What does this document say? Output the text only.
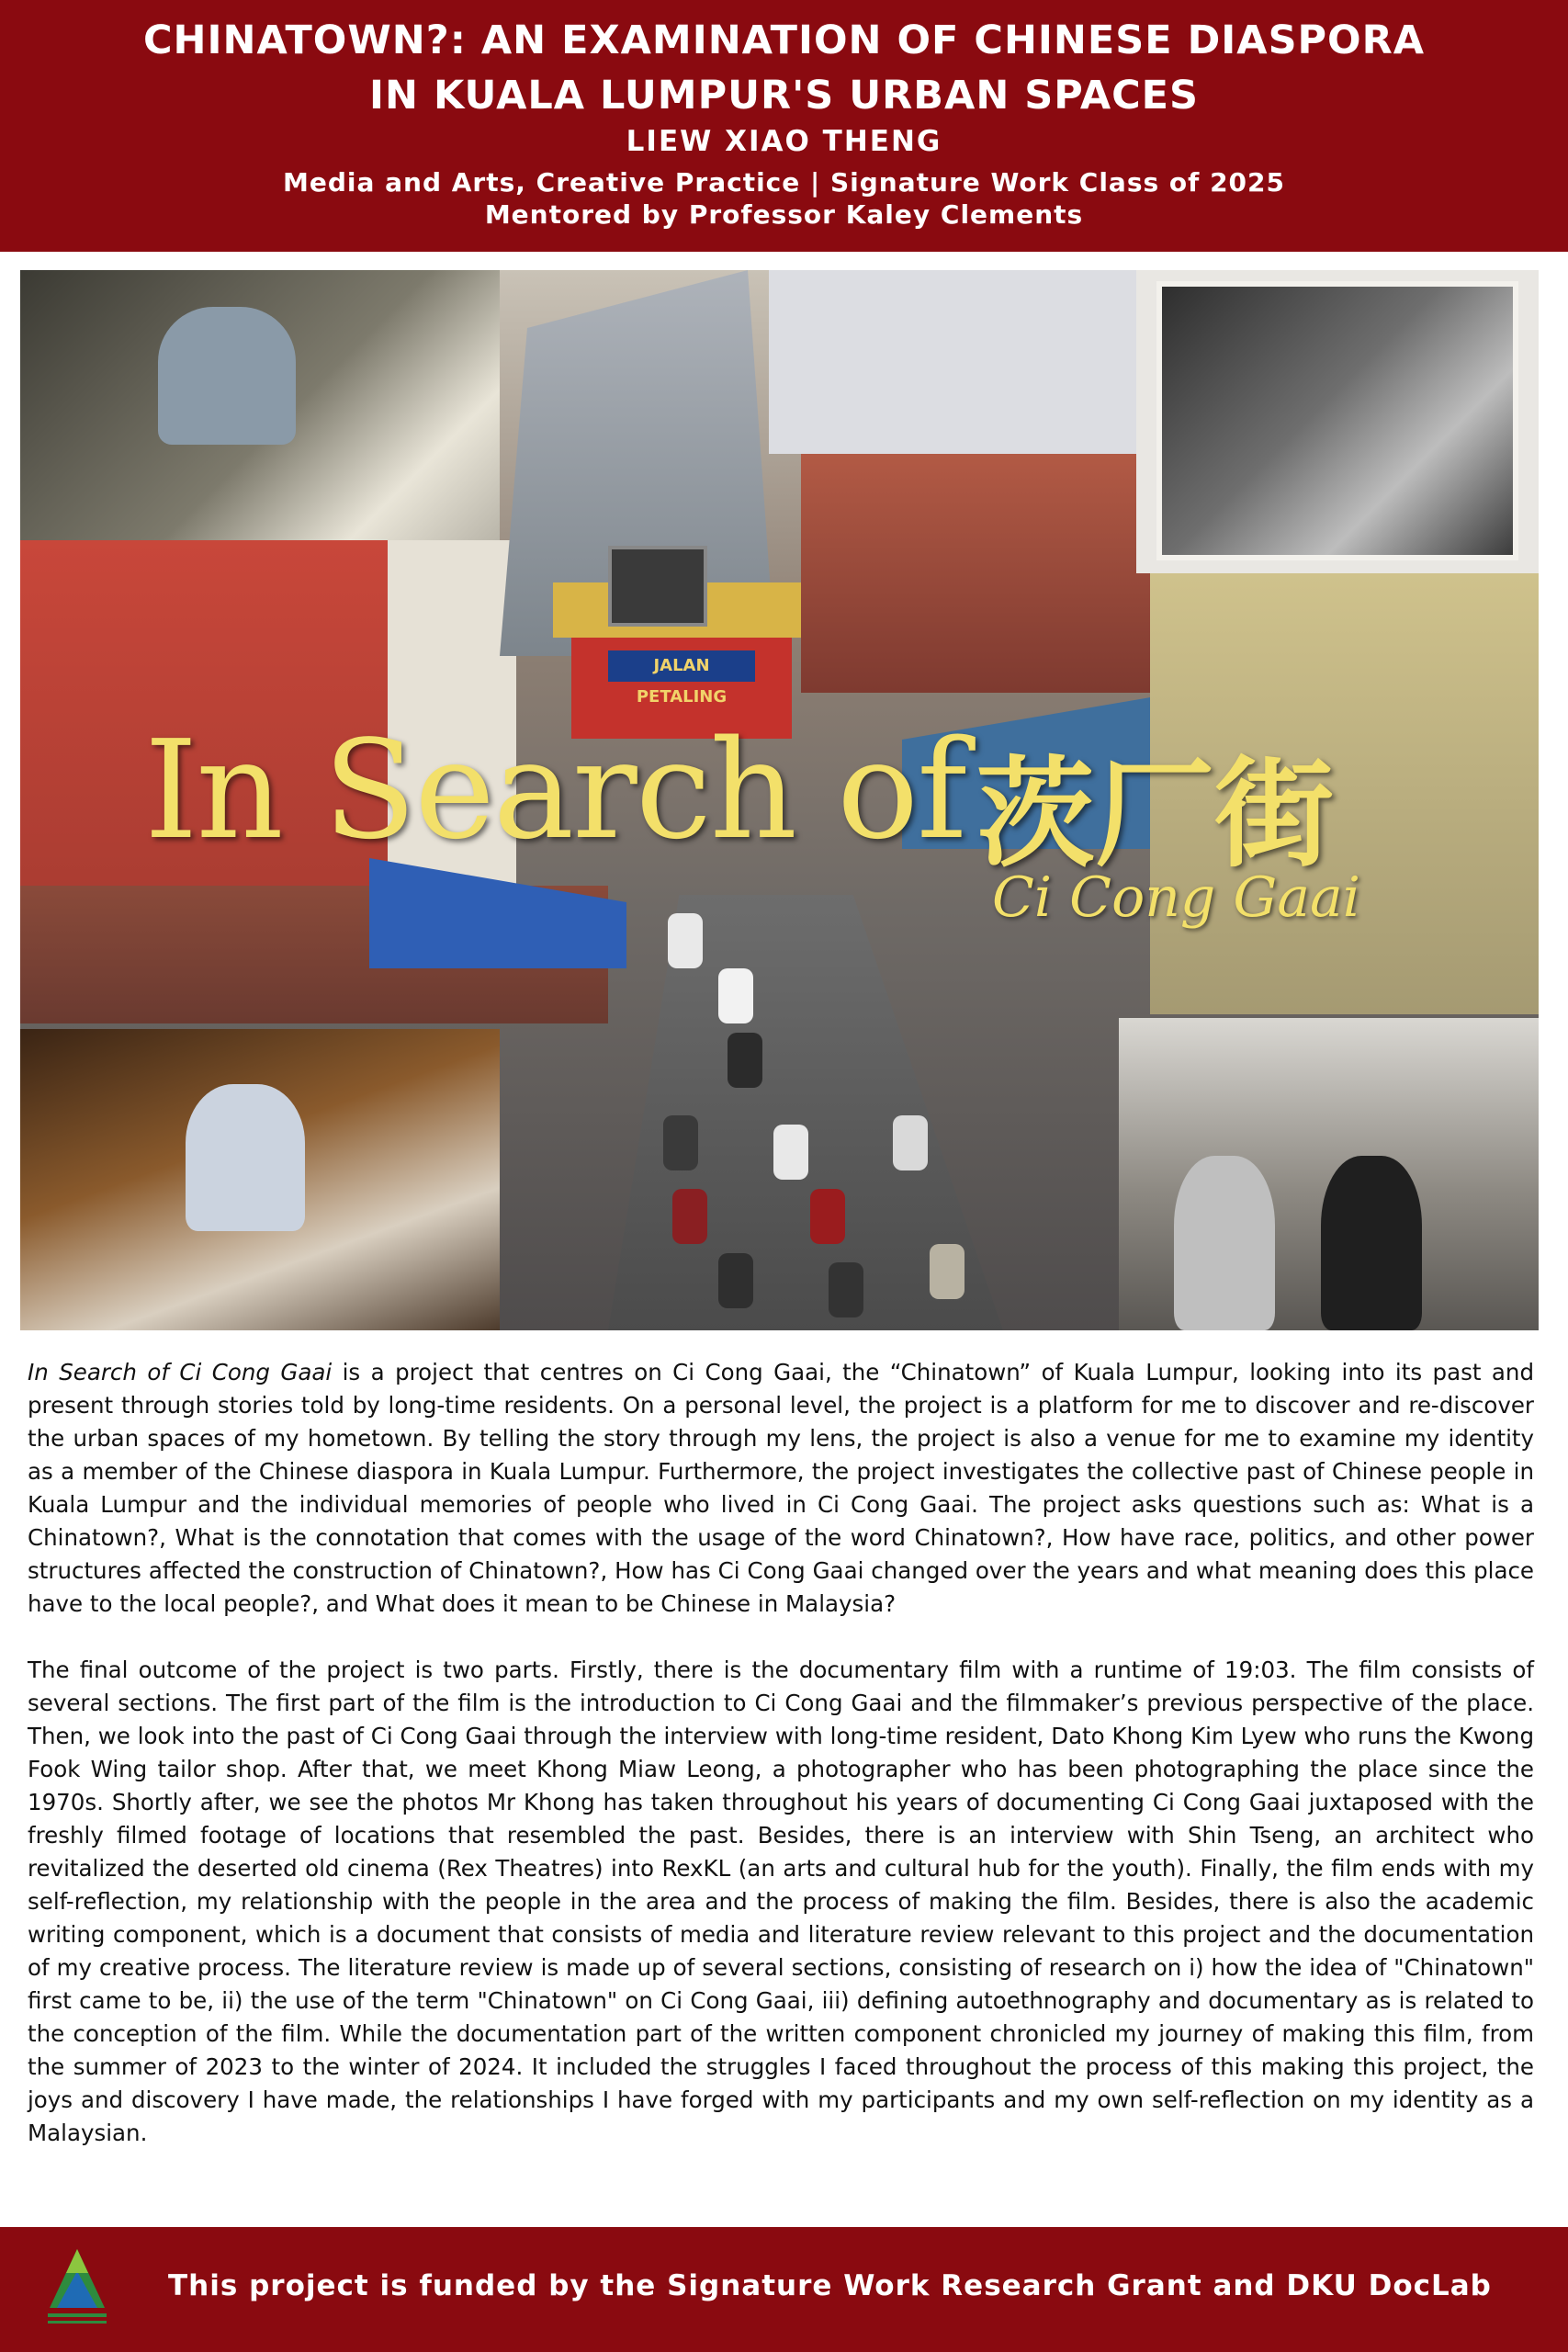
CHINATOWN?: AN EXAMINATION OF CHINESE DIASPORA
IN KUALA LUMPUR'S URBAN SPACES
LIEW XIAO THENG
Media and Arts, Creative Practice | Signature Work Class of 2025
Mentored by Professor Kaley Clements
JALAN PETALING
In Search of 茨厂街
Ci Cong Gaai

In Search of Ci Cong Gaai is a project that centres on Ci Cong Gaai, the “Chinatown” of Kuala Lumpur, looking into its past and present through stories told by long-time residents. On a personal level, the project is a platform for me to discover and re-discover the urban spaces of my hometown. By telling the story through my lens, the project is also a venue for me to examine my identity as a member of the Chinese diaspora in Kuala Lumpur. Furthermore, the project investigates the collective past of Chinese people in Kuala Lumpur and the individual memories of people who lived in Ci Cong Gaai. The project asks questions such as: What is a Chinatown?, What is the connotation that comes with the usage of the word Chinatown?, How have race, politics, and other power structures affected the construction of Chinatown?, How has Ci Cong Gaai changed over the years and what meaning does this place have to the local people?, and What does it mean to be Chinese in Malaysia?

The final outcome of the project is two parts. Firstly, there is the documentary film with a runtime of 19:03. The film consists of several sections. The first part of the film is the introduction to Ci Cong Gaai and the filmmaker’s previous perspective of the place. Then, we look into the past of Ci Cong Gaai through the interview with long-time resident, Dato Khong Kim Lyew who runs the Kwong Fook Wing tailor shop. After that, we meet Khong Miaw Leong, a photographer who has been photographing the place since the 1970s. Shortly after, we see the photos Mr Khong has taken throughout his years of documenting Ci Cong Gaai juxtaposed with the freshly filmed footage of locations that resembled the past. Besides, there is an interview with Shin Tseng, an architect who revitalized the deserted old cinema (Rex Theatres) into RexKL (an arts and cultural hub for the youth). Finally, the film ends with my self-reflection, my relationship with the people in the area and the process of making the film. Besides, there is also the academic writing component, which is a document that consists of media and literature review relevant to this project and the documentation of my creative process. The literature review is made up of several sections, consisting of research on i) how the idea of "Chinatown" first came to be, ii) the use of the term "Chinatown" on Ci Cong Gaai, iii) defining autoethnography and documentary as is related to the conception of the film. While the documentation part of the written component chronicled my journey of making this film, from the summer of 2023 to the winter of 2024. It included the struggles I faced throughout the process of this making this project, the joys and discovery I have made, the relationships I have forged with my participants and my own self-reflection on my identity as a Malaysian.

This project is funded by the Signature Work Research Grant and DKU DocLab
